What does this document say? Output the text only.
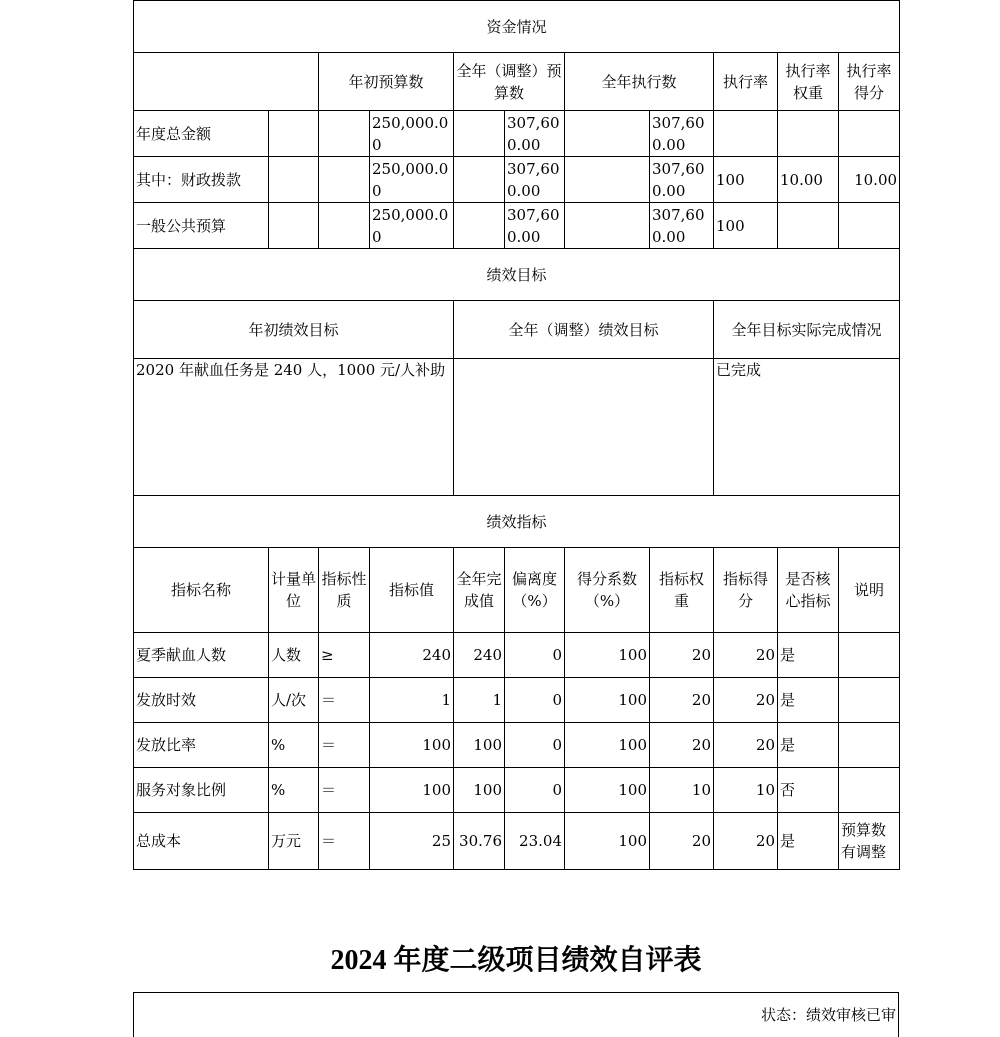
资金情况										
		年初预算数		全年（调整）预算数		全年执行数		执行率	执行率权重	执行率得分
年度总金额			250,000.00		307,600.00		307,600.00			
其中：财政拨款			250,000.00		307,600.00		307,600.00	100	10.00	10.00
一般公共预算			250,000.00		307,600.00		307,600.00	100		
绩效目标										
年初绩效目标				全年（调整）绩效目标				全年目标实际完成情况		
2020 年献血任务是 240 人，1000 元/人补助								已完成		
绩效指标										
指标名称	计量单位	指标性质	指标值	全年完成值	偏离度（%）	得分系数（%）	指标权重	指标得分	是否核心指标	说明
夏季献血人数	人数	≥	240	240	0	100	20	20	是	
发放时效	人/次	＝	1	1	0	100	20	20	是	
发放比率	%	＝	100	100	0	100	20	20	是	
服务对象比例	%	＝	100	100	0	100	10	10	否	
总成本	万元	＝	25	30.76	23.04	100	20	20	是	预算数有调整
2024 年度二级项目绩效自评表
状态：绩效审核已审
